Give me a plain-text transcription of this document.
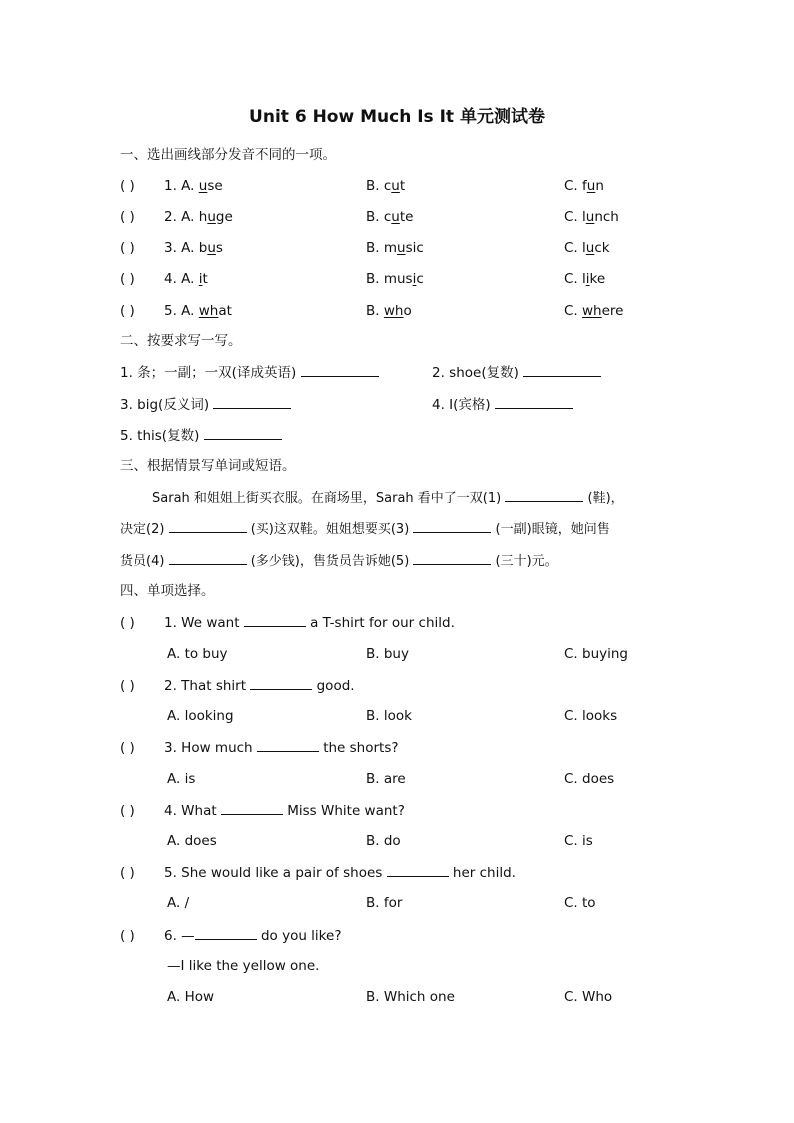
Unit 6 How Much Is It 单元测试卷
一、选出画线部分发音不同的一项。
( ) 1. A. use	B. cut	C. fun
( ) 2. A. huge	B. cute	C. lunch
( ) 3. A. bus	B. music	C. luck
( ) 4. A. it	B. music	C. like
( ) 5. A. what	B. who	C. where
二、按要求写一写。
1. 条；一副；一双(译成英语)	2. shoe(复数)
3. big(反义词)	4. I(宾格)
5. this(复数)
三、根据情景写单词或短语。
Sarah 和姐姐上街买衣服。在商场里，Sarah 看中了一双(1)	(鞋)，
决定(2)	(买)这双鞋。姐姐想要买(3)	(一副)眼镜，她问售
货员(4)	(多少钱)，售货员告诉她(5)	(三十)元。
四、单项选择。
( ) 1. We want	a T-shirt for our child.
A. to buy	B. buy	C. buying
( ) 2. That shirt	good.
A. looking	B. look	C. looks
( ) 3. How much	the shorts?
A. is	B. are	C. does
( ) 4. What	Miss White want?
A. does	B. do	C. is
( ) 5. She would like a pair of shoes	her child.
A. /	B. for	C. to
( ) 6. —	do you like?
—I like the yellow one.
A. How	B. Which one	C. Who
